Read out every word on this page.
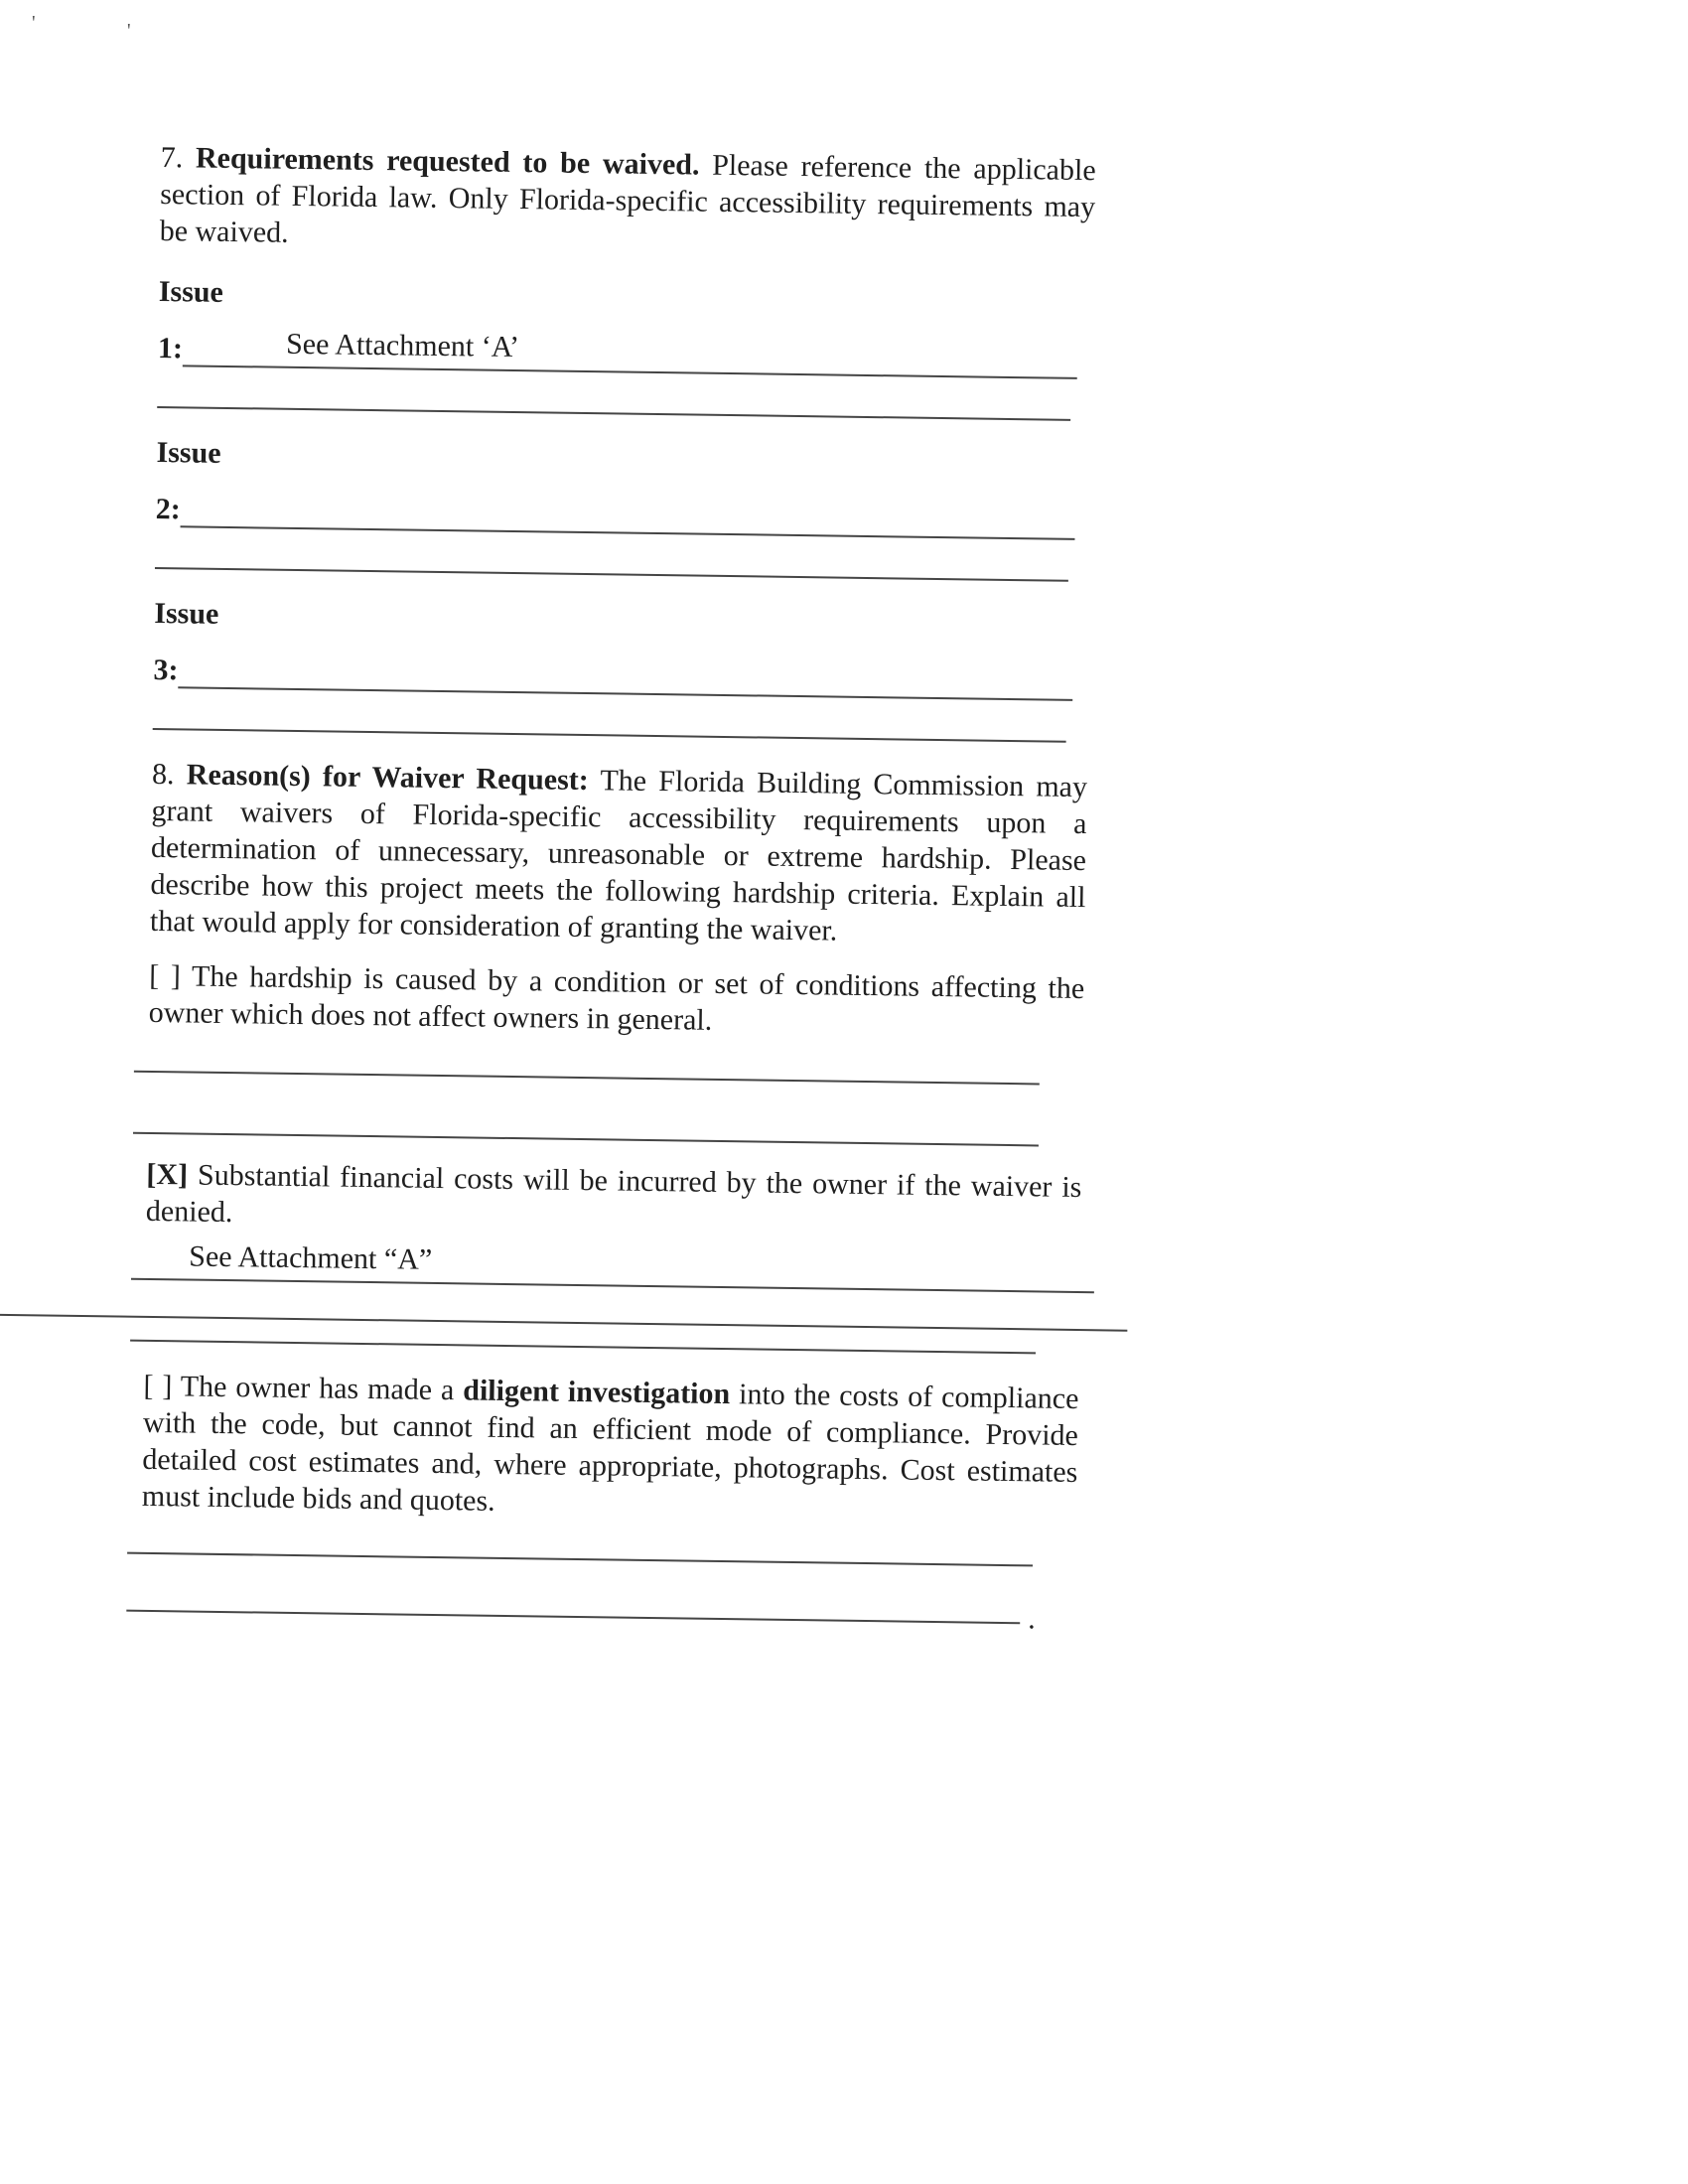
'	'

7. Requirements requested to be waived. Please reference the applicable section of Florida law. Only Florida-specific accessibility requirements may be waived.

Issue
1:	See Attachment ‘A’
Issue
2:
Issue
3:

8. Reason(s) for Waiver Request: The Florida Building Commission may grant waivers of Florida-specific accessibility requirements upon a determination of unnecessary, unreasonable or extreme hardship. Please describe how this project meets the following hardship criteria. Explain all that would apply for consideration of granting the waiver.

[ ] The hardship is caused by a condition or set of conditions affecting the owner which does not affect owners in general.

[X] Substantial financial costs will be incurred by the owner if the waiver is denied.

See Attachment “A”

[ ] The owner has made a diligent investigation into the costs of compliance with the code, but cannot find an efficient mode of compliance. Provide detailed cost estimates and, where appropriate, photographs. Cost estimates must include bids and quotes.

.
